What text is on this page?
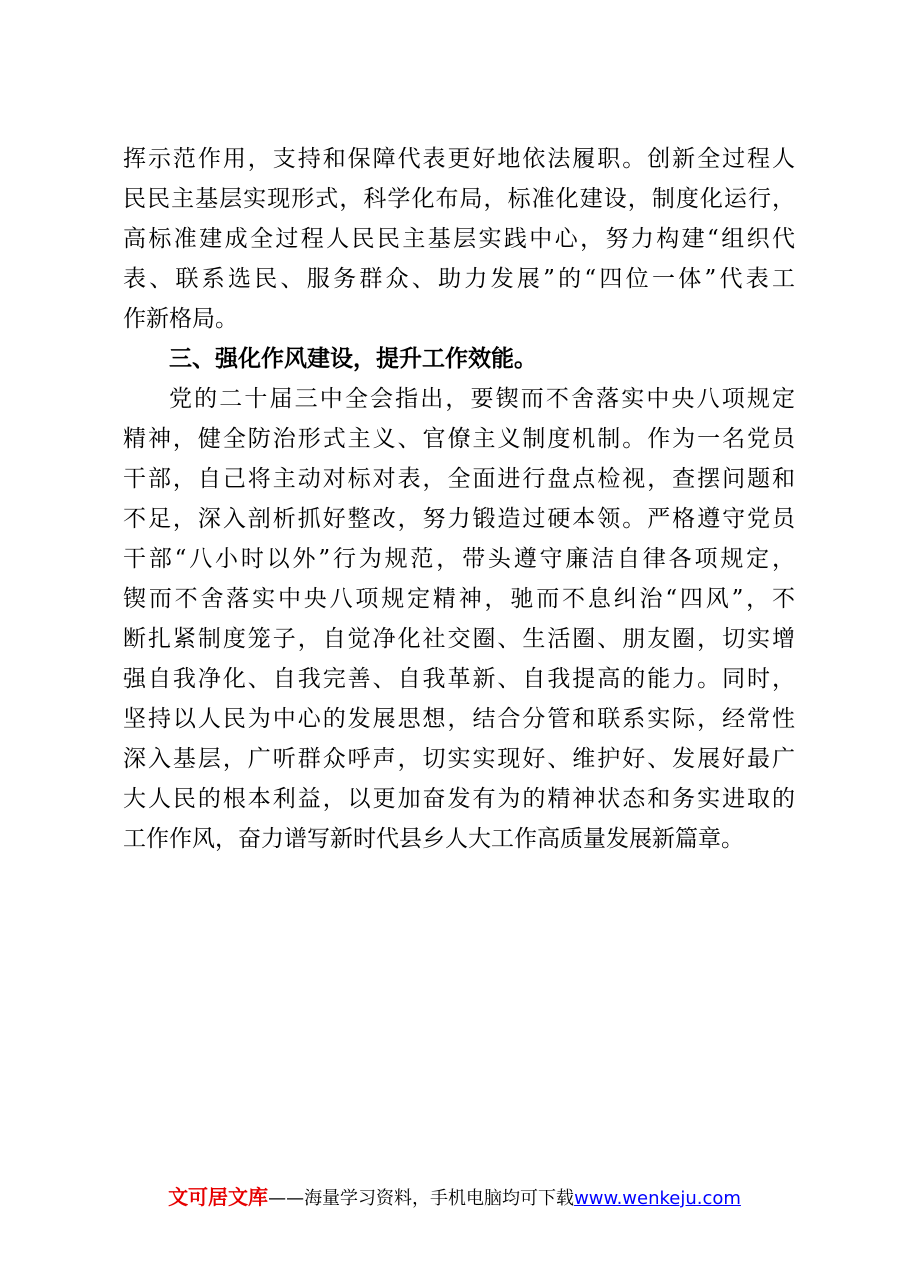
挥示范作用，支持和保障代表更好地依法履职。创新全过程人
民民主基层实现形式，科学化布局，标准化建设，制度化运行，
高标准建成全过程人民民主基层实践中心，努力构建“组织代
表、联系选民、服务群众、助力发展”的“四位一体”代表工
作新格局。
三、强化作风建设，提升工作效能。
党的二十届三中全会指出，要锲而不舍落实中央八项规定
精神，健全防治形式主义、官僚主义制度机制。作为一名党员
干部，自己将主动对标对表，全面进行盘点检视，查摆问题和
不足，深入剖析抓好整改，努力锻造过硬本领。严格遵守党员
干部“八小时以外”行为规范，带头遵守廉洁自律各项规定，
锲而不舍落实中央八项规定精神，驰而不息纠治“四风”，不
断扎紧制度笼子，自觉净化社交圈、生活圈、朋友圈，切实增
强自我净化、自我完善、自我革新、自我提高的能力。同时，
坚持以人民为中心的发展思想，结合分管和联系实际，经常性
深入基层，广听群众呼声，切实实现好、维护好、发展好最广
大人民的根本利益，以更加奋发有为的精神状态和务实进取的
工作作风，奋力谱写新时代县乡人大工作高质量发展新篇章。
文可居文库——海量学习资料，手机电脑均可下载www.wenkeju.com
